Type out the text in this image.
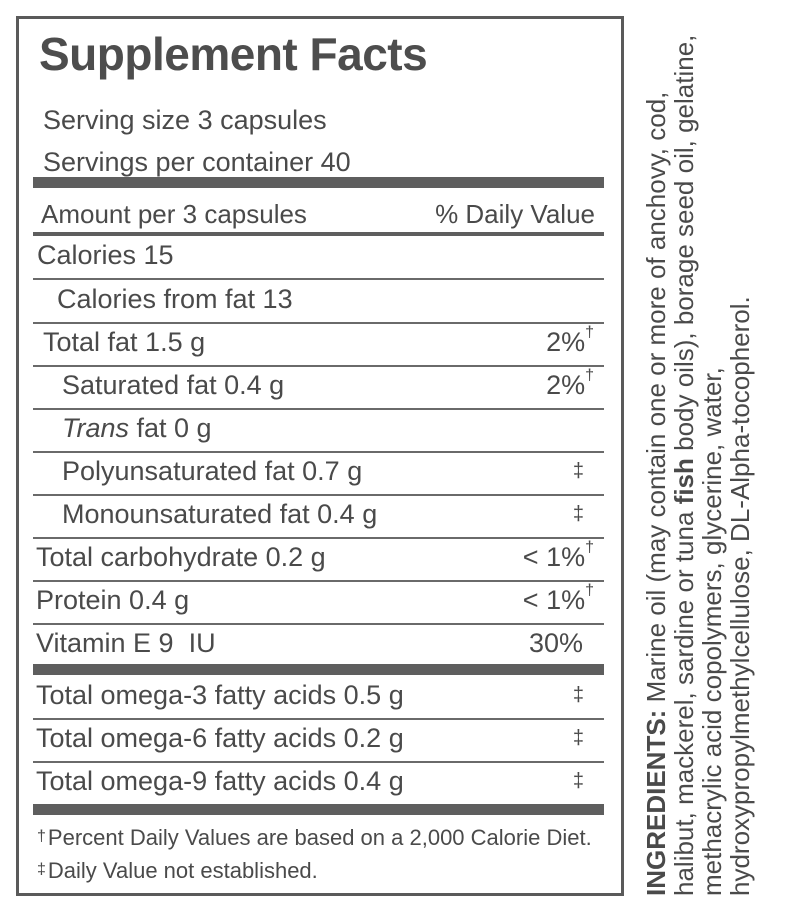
Supplement Facts
Serving size 3 capsules
Servings per container 40
Amount per 3 capsules	% Daily Value
Calories 15
Calories from fat 13
Total fat 1.5 g	2%†
Saturated fat 0.4 g	2%†
Trans fat 0 g
Polyunsaturated fat 0.7 g	‡
Monounsaturated fat 0.4 g	‡
Total carbohydrate 0.2 g	< 1%†
Protein 0.4 g	< 1%†
Vitamin E 9  IU	30%
Total omega-3 fatty acids 0.5 g	‡
Total omega-6 fatty acids 0.2 g	‡
Total omega-9 fatty acids 0.4 g	‡
†Percent Daily Values are based on a 2,000 Calorie Diet.
‡Daily Value not established.	INGREDIENTS: Marine oil (may contain one or more of anchovy, cod, halibut, mackerel, sardine or tuna fish body oils), borage seed oil, gelatine, methacrylic acid copolymers, glycerine, water, hydroxypropylmethylcellulose, DL-Alpha-tocopherol.
